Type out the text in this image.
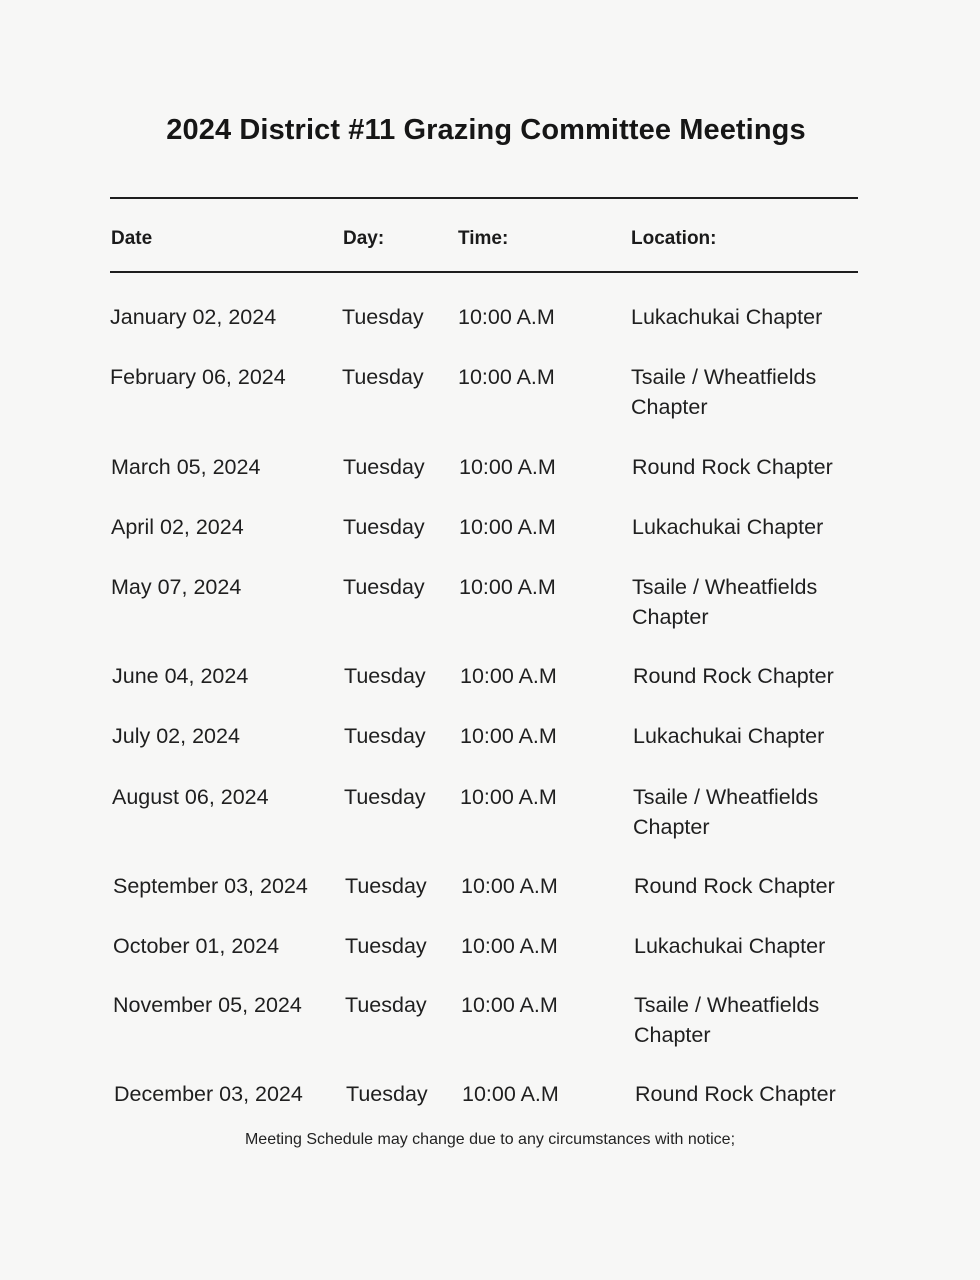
2024 District #11 Grazing Committee Meetings
Date	Day:	Time:	Location:
January 02, 2024	Tuesday 10:00 A.M	Lukachukai Chapter
February 06, 2024	Tuesday 10:00 A.M	Tsaile / Wheatfields Chapter
March 05, 2024	Tuesday 10:00 A.M	Round Rock Chapter
April 02, 2024	Tuesday 10:00 A.M	Lukachukai Chapter
May 07, 2024	Tuesday 10:00 A.M	Tsaile / Wheatfields Chapter
June 04, 2024	Tuesday 10:00 A.M	Round Rock Chapter
July 02, 2024	Tuesday 10:00 A.M	Lukachukai Chapter
August 06, 2024	Tuesday 10:00 A.M	Tsaile / Wheatfields Chapter
September 03, 2024 Tuesday 10:00 A.M	Round Rock Chapter
October 01, 2024	Tuesday 10:00 A.M	Lukachukai Chapter
November 05, 2024 Tuesday 10:00 A.M	Tsaile / Wheatfields Chapter
December 03, 2024 Tuesday 10:00 A.M	Round Rock Chapter
Meeting Schedule may change due to any circumstances with notice;
